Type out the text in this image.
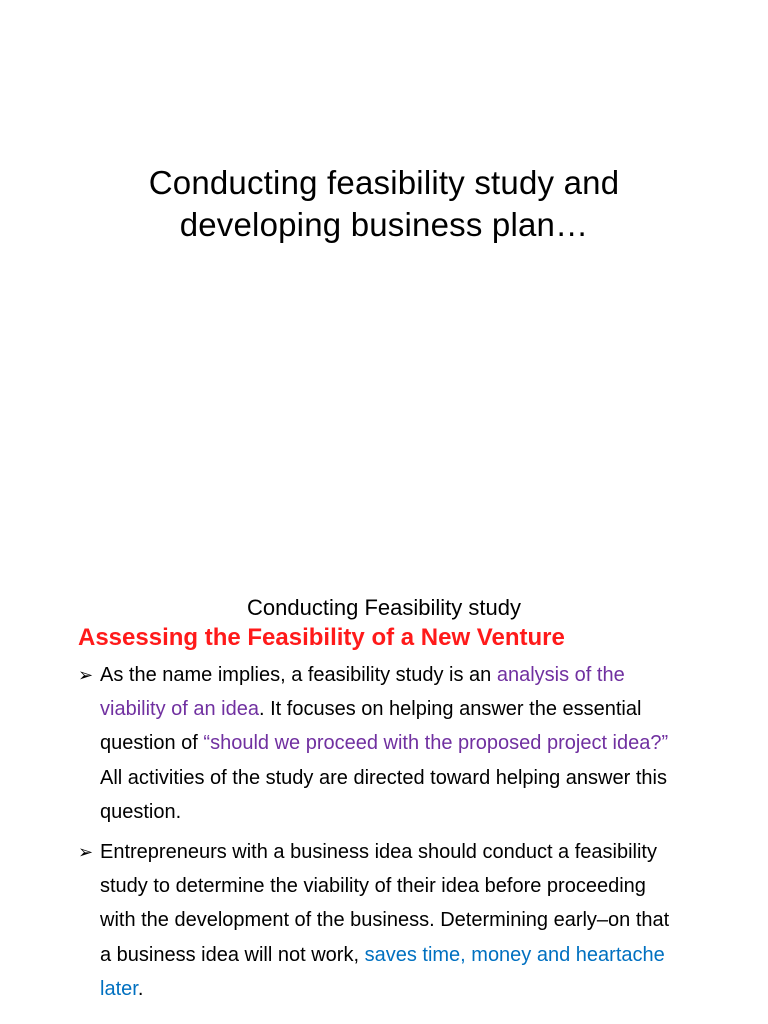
Conducting feasibility study and
developing business plan…
Conducting Feasibility study
Assessing the Feasibility of a New Venture
➢ As the name implies, a feasibility study is an analysis of the viability of an idea. It focuses on helping answer the essential question of “should we proceed with the proposed project idea?” All activities of the study are directed toward helping answer this question.
➢ Entrepreneurs with a business idea should conduct a feasibility study to determine the viability of their idea before proceeding with the development of the business. Determining early–on that a business idea will not work, saves time, money and heartache later.
